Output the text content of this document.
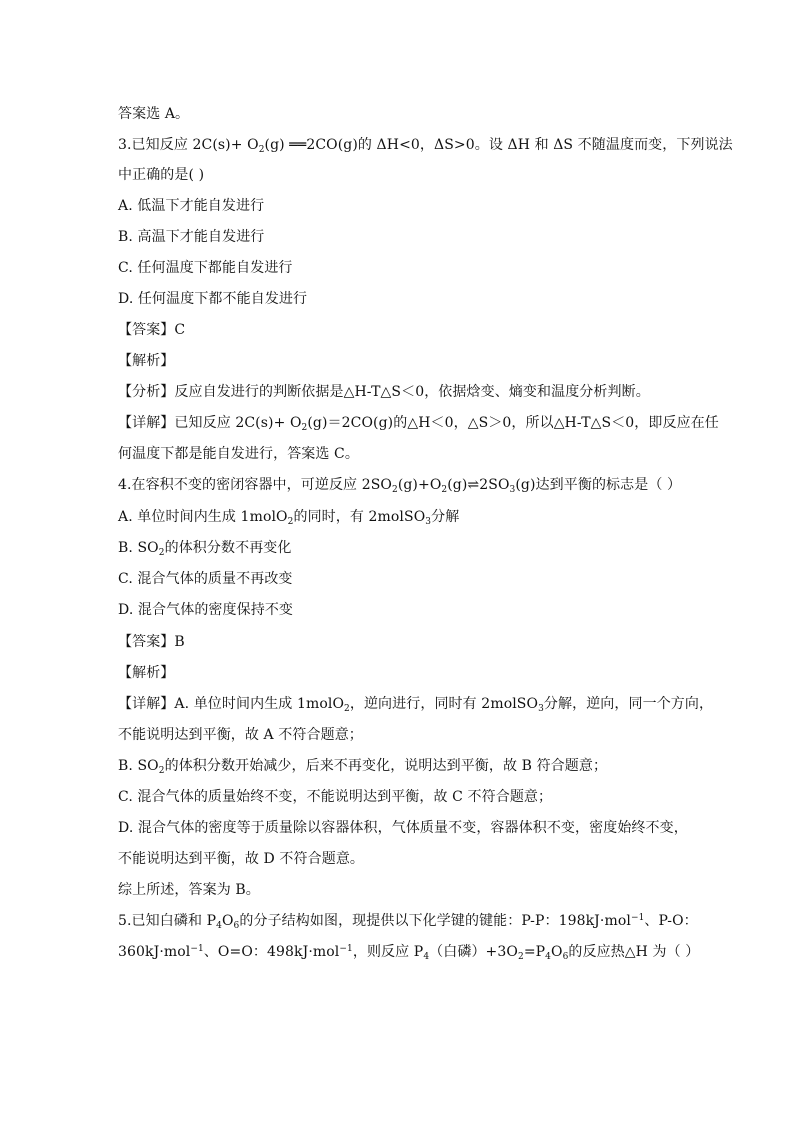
答案选 A。
3.已知反应 $2C(s)+ O_2(g)$ ══2CO(g)的 ΔH<0，ΔS>0。设 ΔH 和 ΔS 不随温度而变，下列说法
中正确的是( )
A. 低温下才能自发进行
B. 高温下才能自发进行
C. 任何温度下都能自发进行
D. 任何温度下都不能自发进行
【答案】C
【解析】
【分析】反应自发进行的判断依据是△H-T△S＜0，依据焓变、熵变和温度分析判断。
【详解】已知反应 $2C(s)+ O_2(g)=2CO(g)$的△H＜0，△S＞0，所以△H-T△S＜0，即反应在任
何温度下都是能自发进行，答案选 C。
4.在容积不变的密闭容器中，可逆反应 $2SO_2(g)+O_2(g)\rightleftharpoons 2SO_3(g)$达到平衡的标志是（ ）
A. 单位时间内生成 1molO$_2$的同时，有 2molSO$_3$分解
B. $SO_2$的体积分数不再变化
C. 混合气体的质量不再改变
D. 混合气体的密度保持不变
【答案】B
【解析】
【详解】A. 单位时间内生成 1molO$_2$，逆向进行，同时有 2molSO$_3$分解，逆向，同一个方向，
不能说明达到平衡，故 A 不符合题意；
B. $SO_2$的体积分数开始减少，后来不再变化，说明达到平衡，故 B 符合题意；
C. 混合气体的质量始终不变，不能说明达到平衡，故 C 不符合题意；
D. 混合气体的密度等于质量除以容器体积，气体质量不变，容器体积不变，密度始终不变，
不能说明达到平衡，故 D 不符合题意。
综上所述，答案为 B。
5.已知白磷和 $P_4O_6$的分子结构如图，现提供以下化学键的键能：P-P：198kJ·mol$^{-1}$、P-O：
360kJ·mol$^{-1}$、O=O：498kJ·mol$^{-1}$，则反应 $P_4$（白磷）$+3O_2=P_4O_6$的反应热△H 为（ ）
